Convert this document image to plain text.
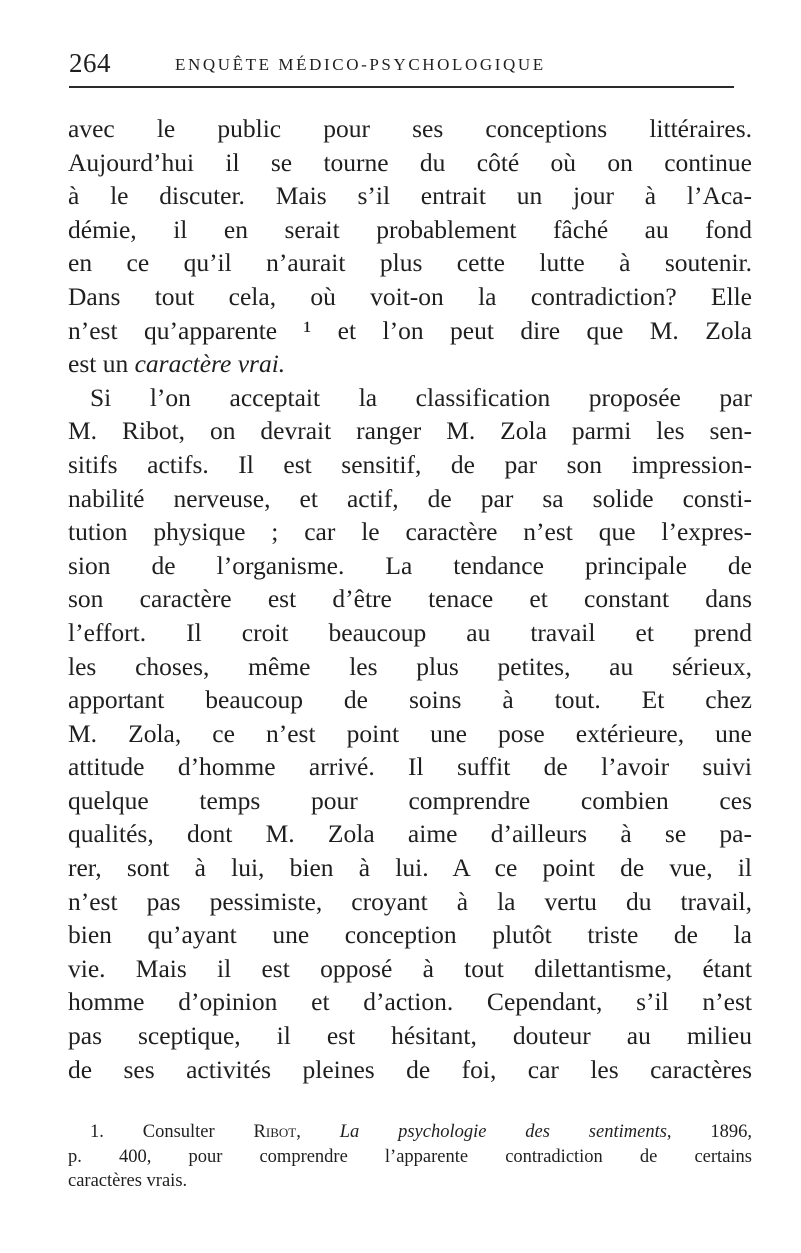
264	ENQUÊTE MÉDICO-PSYCHOLOGIQUE
avec le public pour ses conceptions littéraires.
Aujourd’hui il se tourne du côté où on continue
à le discuter. Mais s’il entrait un jour à l’Aca-
démie, il en serait probablement fâché au fond
en ce qu’il n’aurait plus cette lutte à soutenir.
Dans tout cela, où voit-on la contradiction? Elle
n’est qu’apparente ¹ et l’on peut dire que M. Zola
est un caractère vrai.
Si l’on acceptait la classification proposée par
M. Ribot, on devrait ranger M. Zola parmi les sen-
sitifs actifs. Il est sensitif, de par son impression-
nabilité nerveuse, et actif, de par sa solide consti-
tution physique ; car le caractère n’est que l’expres-
sion de l’organisme. La tendance principale de
son caractère est d’être tenace et constant dans
l’effort. Il croit beaucoup au travail et prend
les choses, même les plus petites, au sérieux,
apportant beaucoup de soins à tout. Et chez
M. Zola, ce n’est point une pose extérieure, une
attitude d’homme arrivé. Il suffit de l’avoir suivi
quelque temps pour comprendre combien ces
qualités, dont M. Zola aime d’ailleurs à se pa-
rer, sont à lui, bien à lui. A ce point de vue, il
n’est pas pessimiste, croyant à la vertu du travail,
bien qu’ayant une conception plutôt triste de la
vie. Mais il est opposé à tout dilettantisme, étant
homme d’opinion et d’action. Cependant, s’il n’est
pas sceptique, il est hésitant, douteur au milieu
de ses activités pleines de foi, car les caractères
1. Consulter Ribot, La psychologie des sentiments, 1896,
p. 400, pour comprendre l’apparente contradiction de certains
caractères vrais.
